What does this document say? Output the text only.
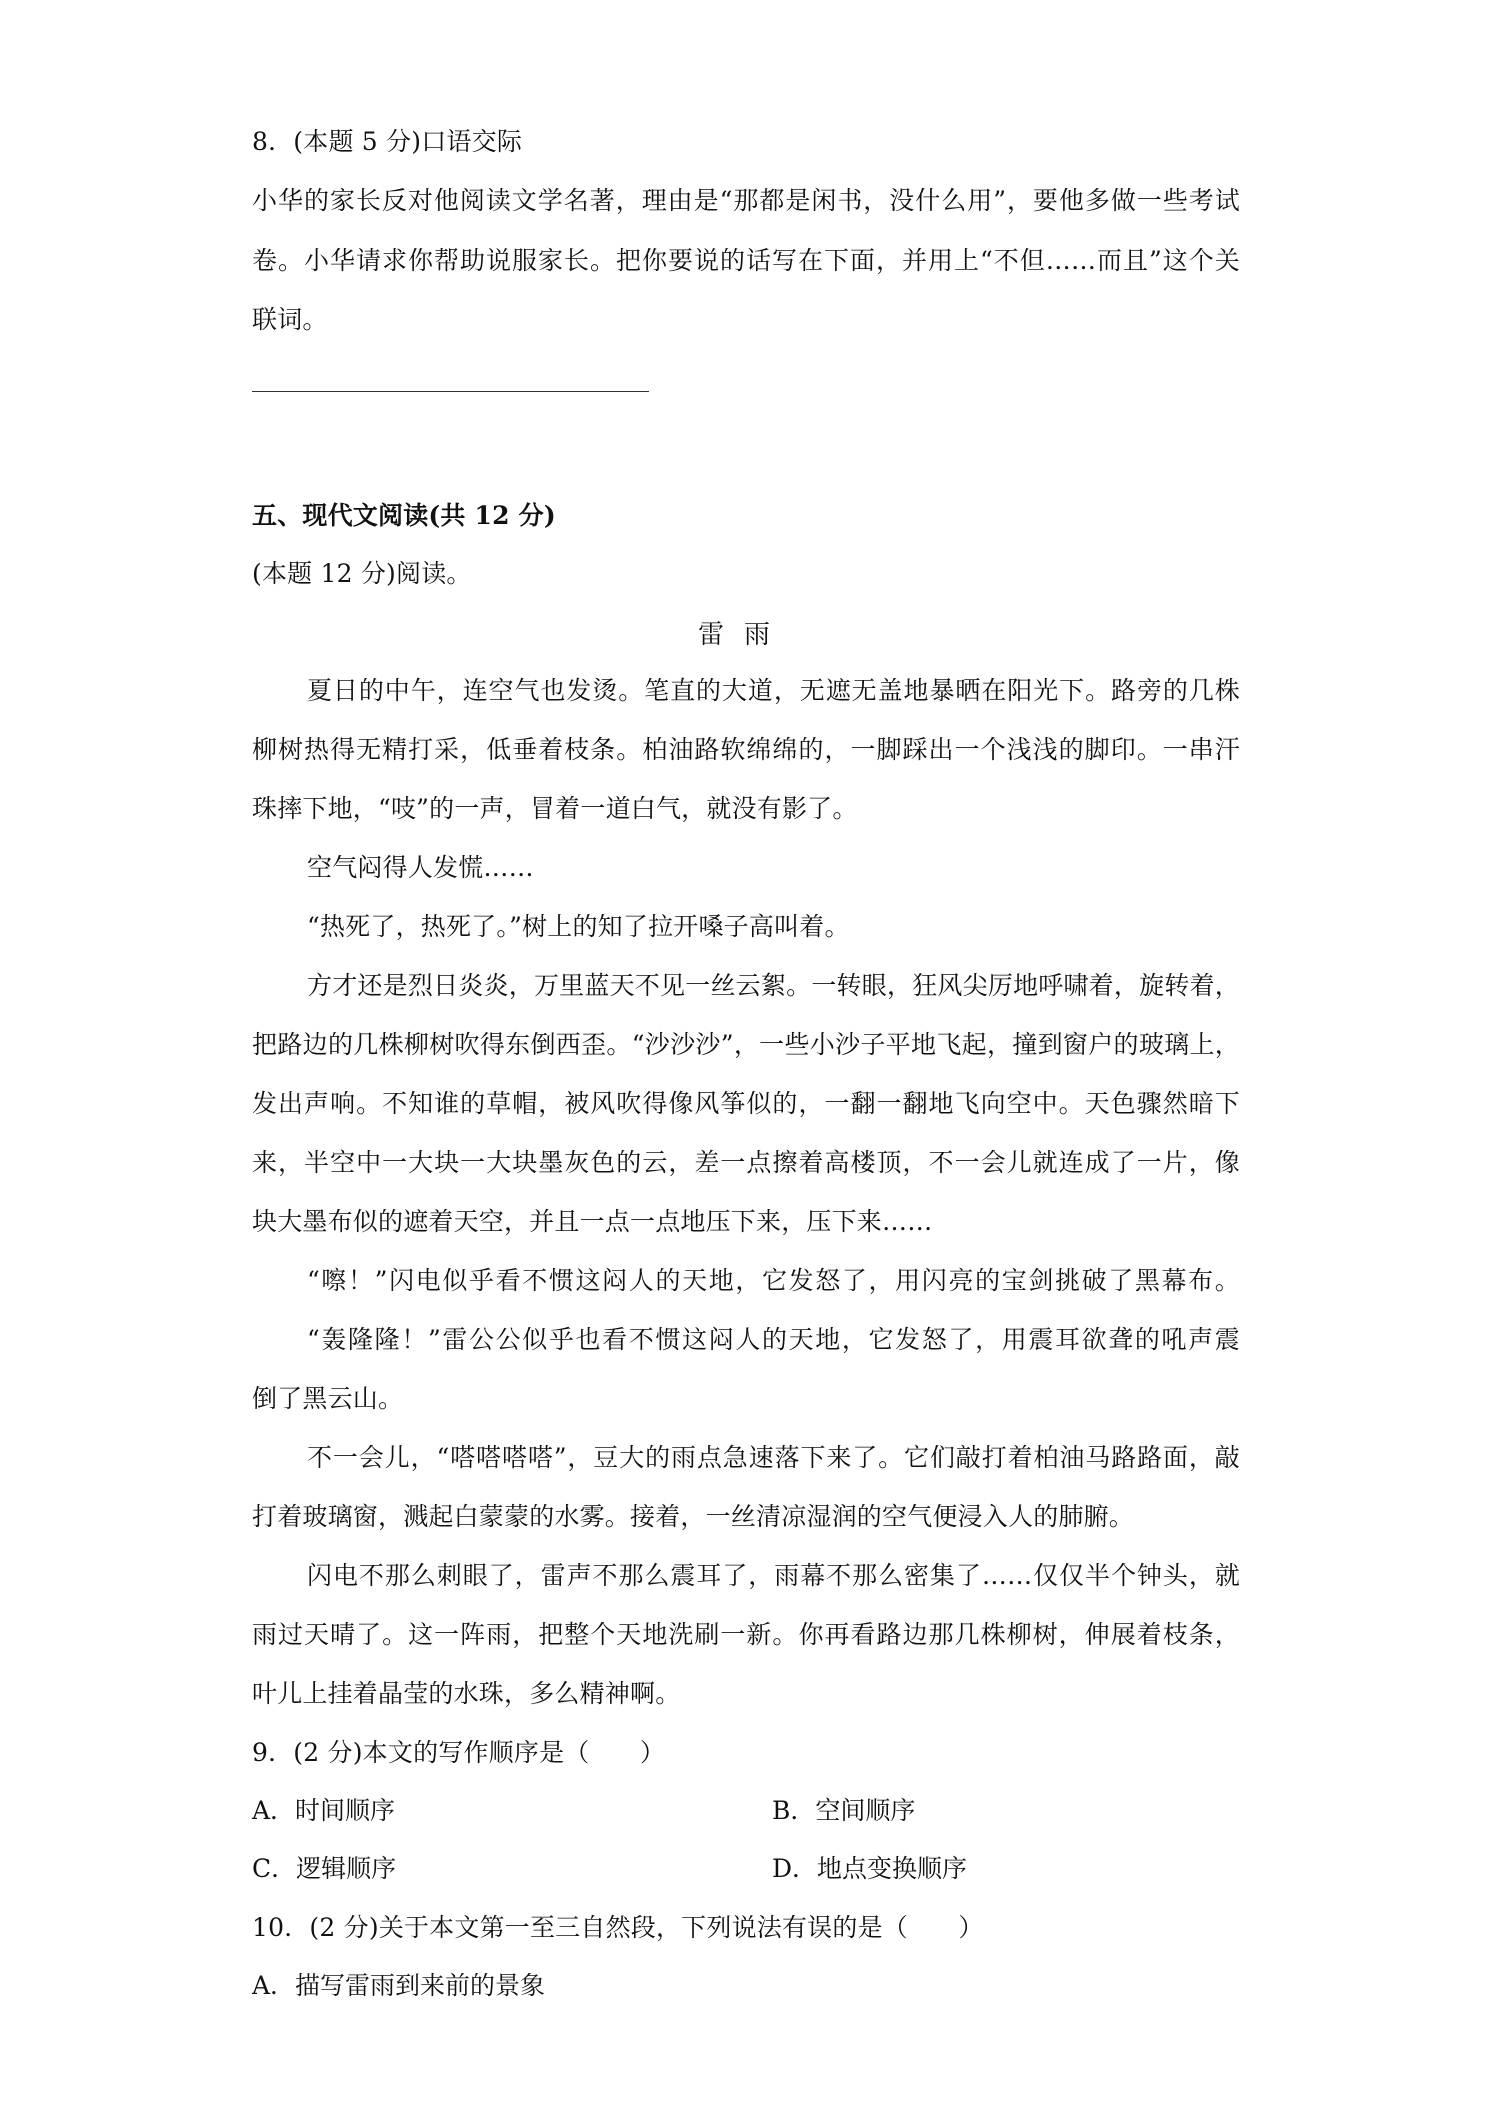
8．(本题 5 分)口语交际
小华的家长反对他阅读文学名著，理由是“那都是闲书，没什么用”，要他多做一些考试
卷。小华请求你帮助说服家长。把你要说的话写在下面，并用上“不但……而且”这个关
联词。
五、现代文阅读(共 12 分)
(本题 12 分)阅读。
雷雨
夏日的中午，连空气也发烫。笔直的大道，无遮无盖地暴晒在阳光下。路旁的几株
柳树热得无精打采，低垂着枝条。柏油路软绵绵的，一脚踩出一个浅浅的脚印。一串汗
珠摔下地，“吱”的一声，冒着一道白气，就没有影了。
空气闷得人发慌……
“热死了，热死了。”树上的知了拉开嗓子高叫着。
方才还是烈日炎炎，万里蓝天不见一丝云絮。一转眼，狂风尖厉地呼啸着，旋转着，
把路边的几株柳树吹得东倒西歪。“沙沙沙”，一些小沙子平地飞起，撞到窗户的玻璃上，
发出声响。不知谁的草帽，被风吹得像风筝似的，一翻一翻地飞向空中。天色骤然暗下
来，半空中一大块一大块墨灰色的云，差一点擦着高楼顶，不一会儿就连成了一片，像
块大墨布似的遮着天空，并且一点一点地压下来，压下来……
“嚓！”闪电似乎看不惯这闷人的天地，它发怒了，用闪亮的宝剑挑破了黑幕布。
“轰隆隆！”雷公公似乎也看不惯这闷人的天地，它发怒了，用震耳欲聋的吼声震
倒了黑云山。
不一会儿，“嗒嗒嗒嗒”，豆大的雨点急速落下来了。它们敲打着柏油马路路面，敲
打着玻璃窗，溅起白蒙蒙的水雾。接着，一丝清凉湿润的空气便浸入人的肺腑。
闪电不那么刺眼了，雷声不那么震耳了，雨幕不那么密集了……仅仅半个钟头，就
雨过天晴了。这一阵雨，把整个天地洗刷一新。你再看路边那几株柳树，伸展着枝条，
叶儿上挂着晶莹的水珠，多么精神啊。
9．(2 分)本文的写作顺序是（　　）
A．时间顺序	B．空间顺序
C．逻辑顺序	D．地点变换顺序
10．(2 分)关于本文第一至三自然段，下列说法有误的是（　　）
A．描写雷雨到来前的景象
